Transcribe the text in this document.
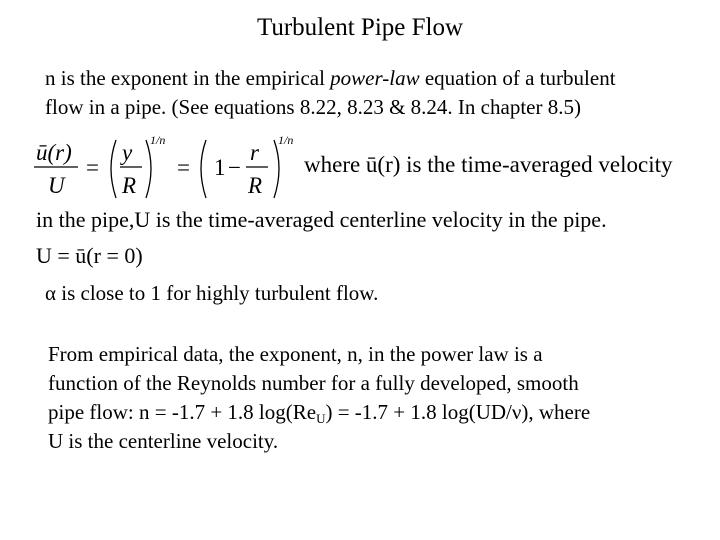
Turbulent Pipe Flow
n is the exponent in the empirical power-law equation of a turbulent
flow in a pipe. (See equations 8.22, 8.23 & 8.24. In chapter 8.5)
ū(r)
U
=
y
R
1/n
= 1 −
r
R
1/n
where ū(r) is the time-averaged velocity
in the pipe,U is the time-averaged centerline velocity in the pipe.
U = ū(r = 0)
α is close to 1 for highly turbulent flow.
From empirical data, the exponent, n, in the power law is a
function of the Reynolds number for a fully developed, smooth
pipe flow: n = -1.7 + 1.8 $\log(Re_U) = -1.7 + 1.8$ log(UD/ν), where
U is the centerline velocity.
